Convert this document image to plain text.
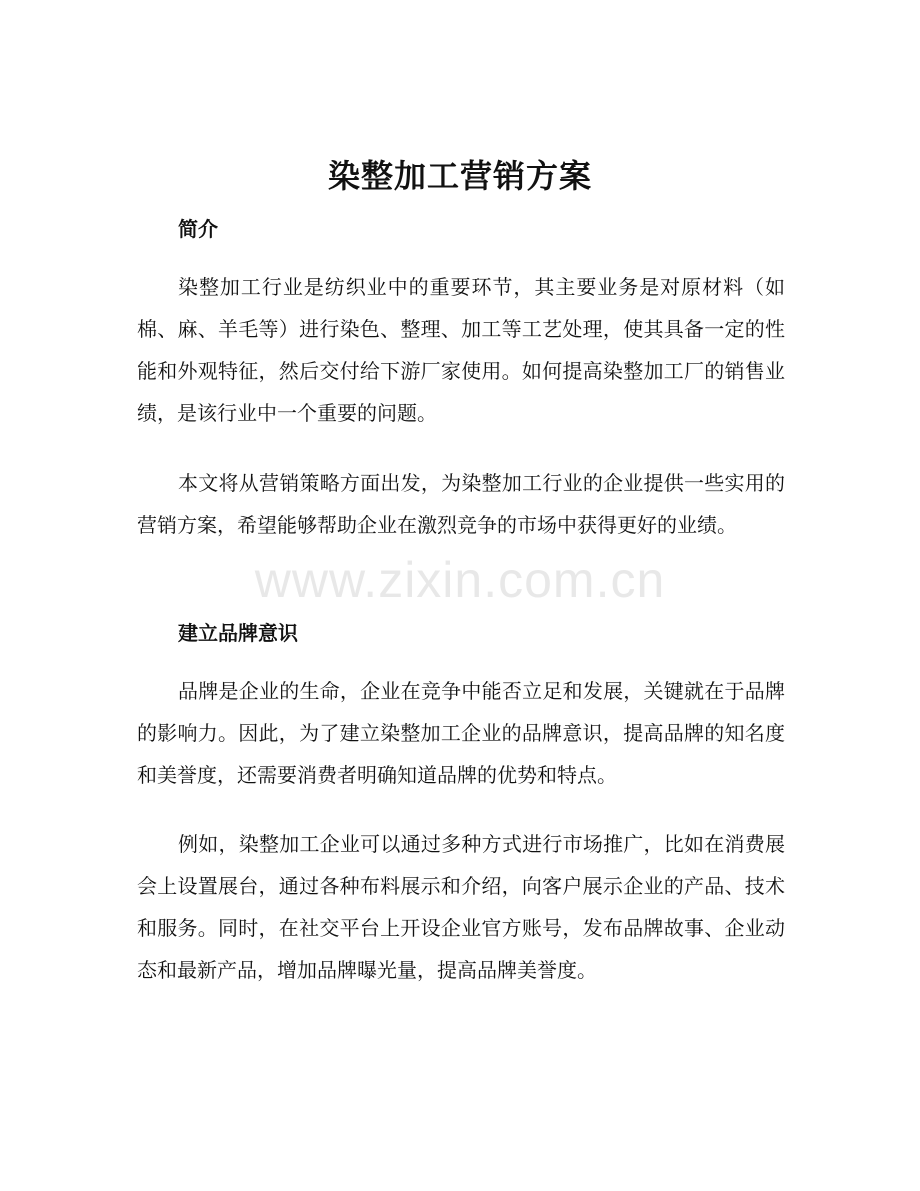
染整加工营销方案
简介

染整加工行业是纺织业中的重要环节，其主要业务是对原材料（如棉、麻、羊毛等）进行染色、整理、加工等工艺处理，使其具备一定的性能和外观特征，然后交付给下游厂家使用。如何提高染整加工厂的销售业绩，是该行业中一个重要的问题。

本文将从营销策略方面出发，为染整加工行业的企业提供一些实用的营销方案，希望能够帮助企业在激烈竞争的市场中获得更好的业绩。

建立品牌意识

品牌是企业的生命，企业在竞争中能否立足和发展，关键就在于品牌的影响力。因此，为了建立染整加工企业的品牌意识，提高品牌的知名度和美誉度，还需要消费者明确知道品牌的优势和特点。

例如，染整加工企业可以通过多种方式进行市场推广，比如在消费展会上设置展台，通过各种布料展示和介绍，向客户展示企业的产品、技术和服务。同时，在社交平台上开设企业官方账号，发布品牌故事、企业动态和最新产品，增加品牌曝光量，提高品牌美誉度。

www.zixin.com.cn
